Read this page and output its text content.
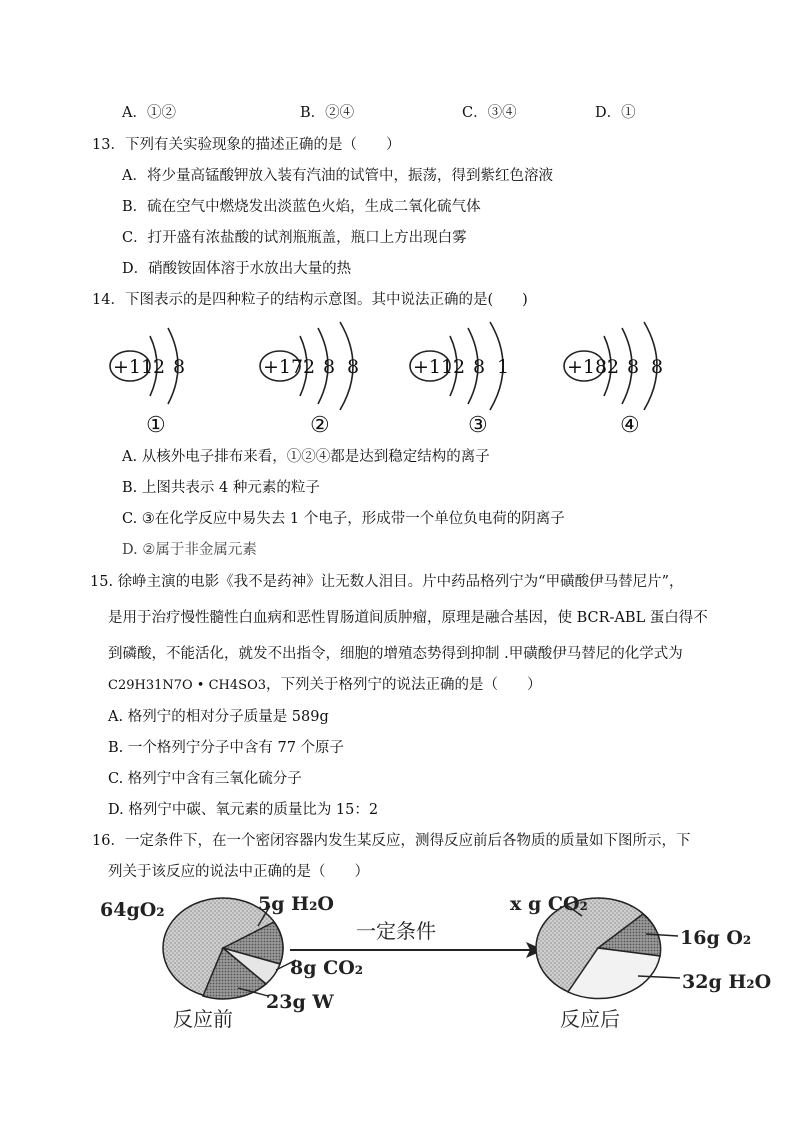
A．①②	B．②④	C．③④	D．①
13．下列有关实验现象的描述正确的是（　　）
A．将少量高锰酸钾放入装有汽油的试管中，振荡，得到紫红色溶液
B．硫在空气中燃烧发出淡蓝色火焰，生成二氧化硫气体
C．打开盛有浓盐酸的试剂瓶瓶盖，瓶口上方出现白雾
D．硝酸铵固体溶于水放出大量的热
14．下图表示的是四种粒子的结构示意图。其中说法正确的是(　　)
+11 2 8	+17 2 8 8	+11 2 8 1	+18 2 8 8
①	②	③	④
A. 从核外电子排布来看，①②④都是达到稳定结构的离子
B. 上图共表示 4 种元素的粒子
C. ③在化学反应中易失去 1 个电子，形成带一个单位负电荷的阴离子
D. ②属于非金属元素
15. 徐峥主演的电影《我不是药神》让无数人泪目。片中药品格列宁为“甲磺酸伊马替尼片”，
是用于治疗慢性髓性白血病和恶性胃肠道间质肿瘤，原理是融合基因，使 BCR-ABL 蛋白得不
到磷酸，不能活化，就发不出指令，细胞的增殖态势得到抑制 .甲磺酸伊马替尼的化学式为
C29H31N7O • CH4SO3，下列关于格列宁的说法正确的是（　　）
A. 格列宁的相对分子质量是 589g
B. 一个格列宁分子中含有 77 个原子
C. 格列宁中含有三氧化硫分子
D. 格列宁中碳、氧元素的质量比为 15：2
16．一定条件下，在一个密闭容器内发生某反应，测得反应前后各物质的质量如下图所示，下
列关于该反应的说法中正确的是（　　）
64gO₂	5g H₂O
8g CO₂
23g W
反应前
一定条件
x g CO₂
16g O₂
32g H₂O
反应后
